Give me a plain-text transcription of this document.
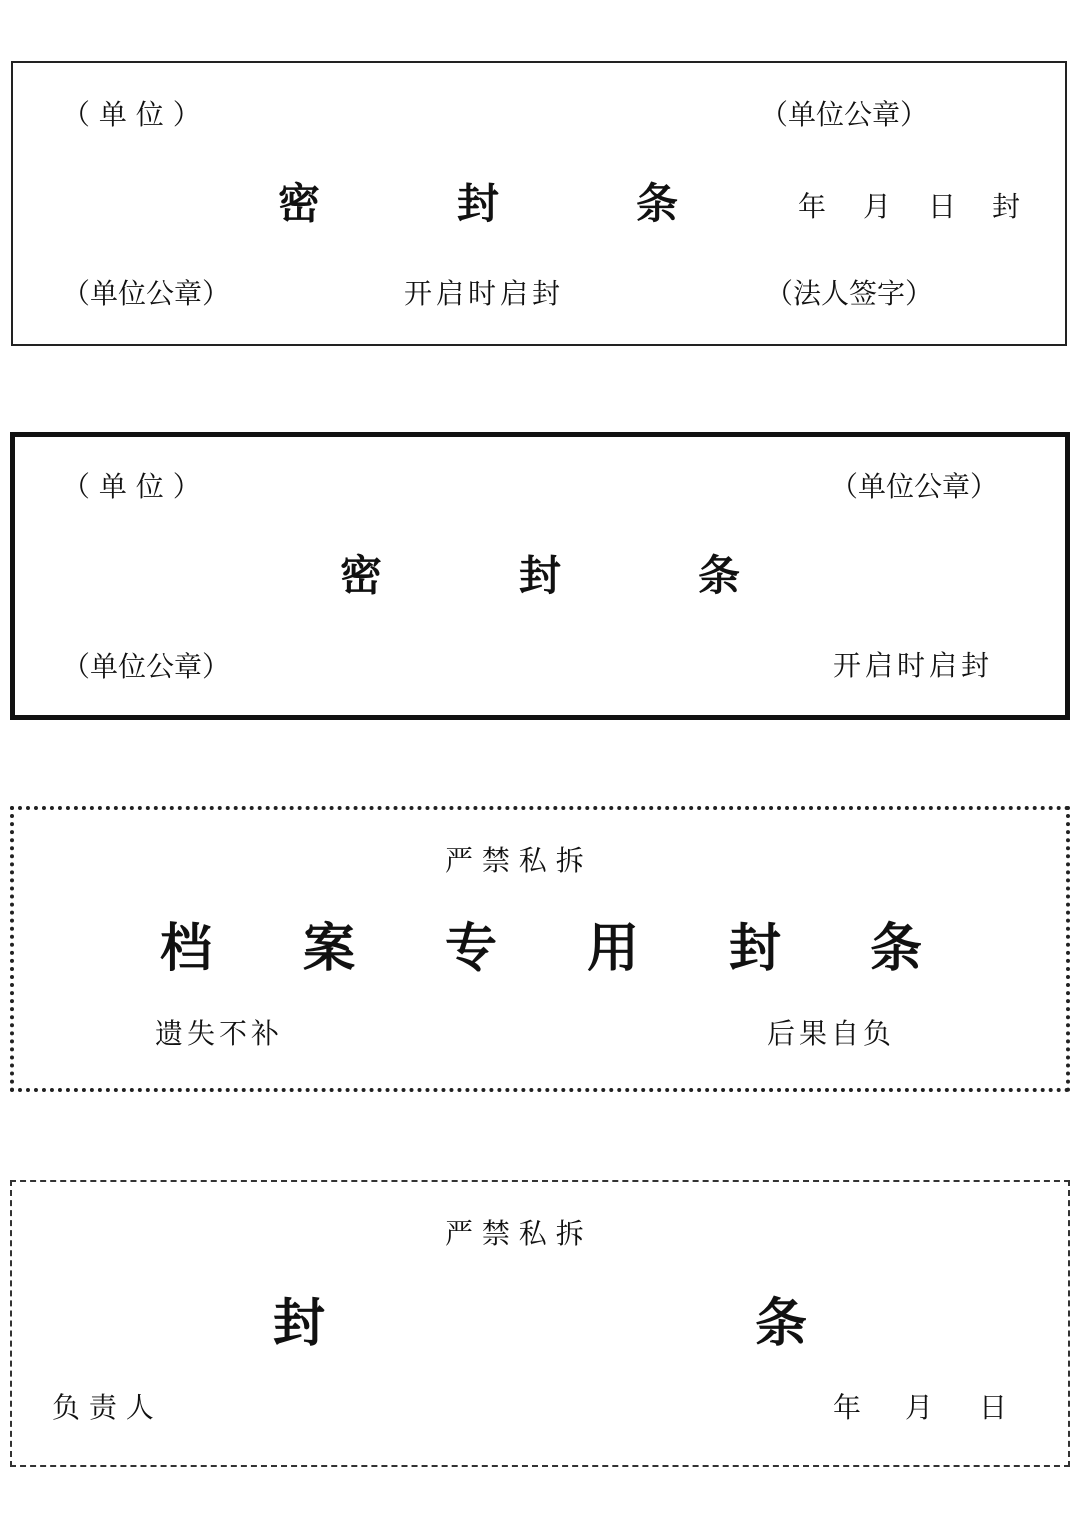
（ 单 位 ）	（单位公章）
密	封	条	年 月 日 封
（单位公章）	开启时启封	（法人签字）
（ 单 位 ）	（单位公章）
密	封	条
（单位公章）	开启时启封
严 禁 私 拆
档 案 专 用 封 条
遗失不补	后果自负
严 禁 私 拆
封	条
负 责 人	年 月 日
